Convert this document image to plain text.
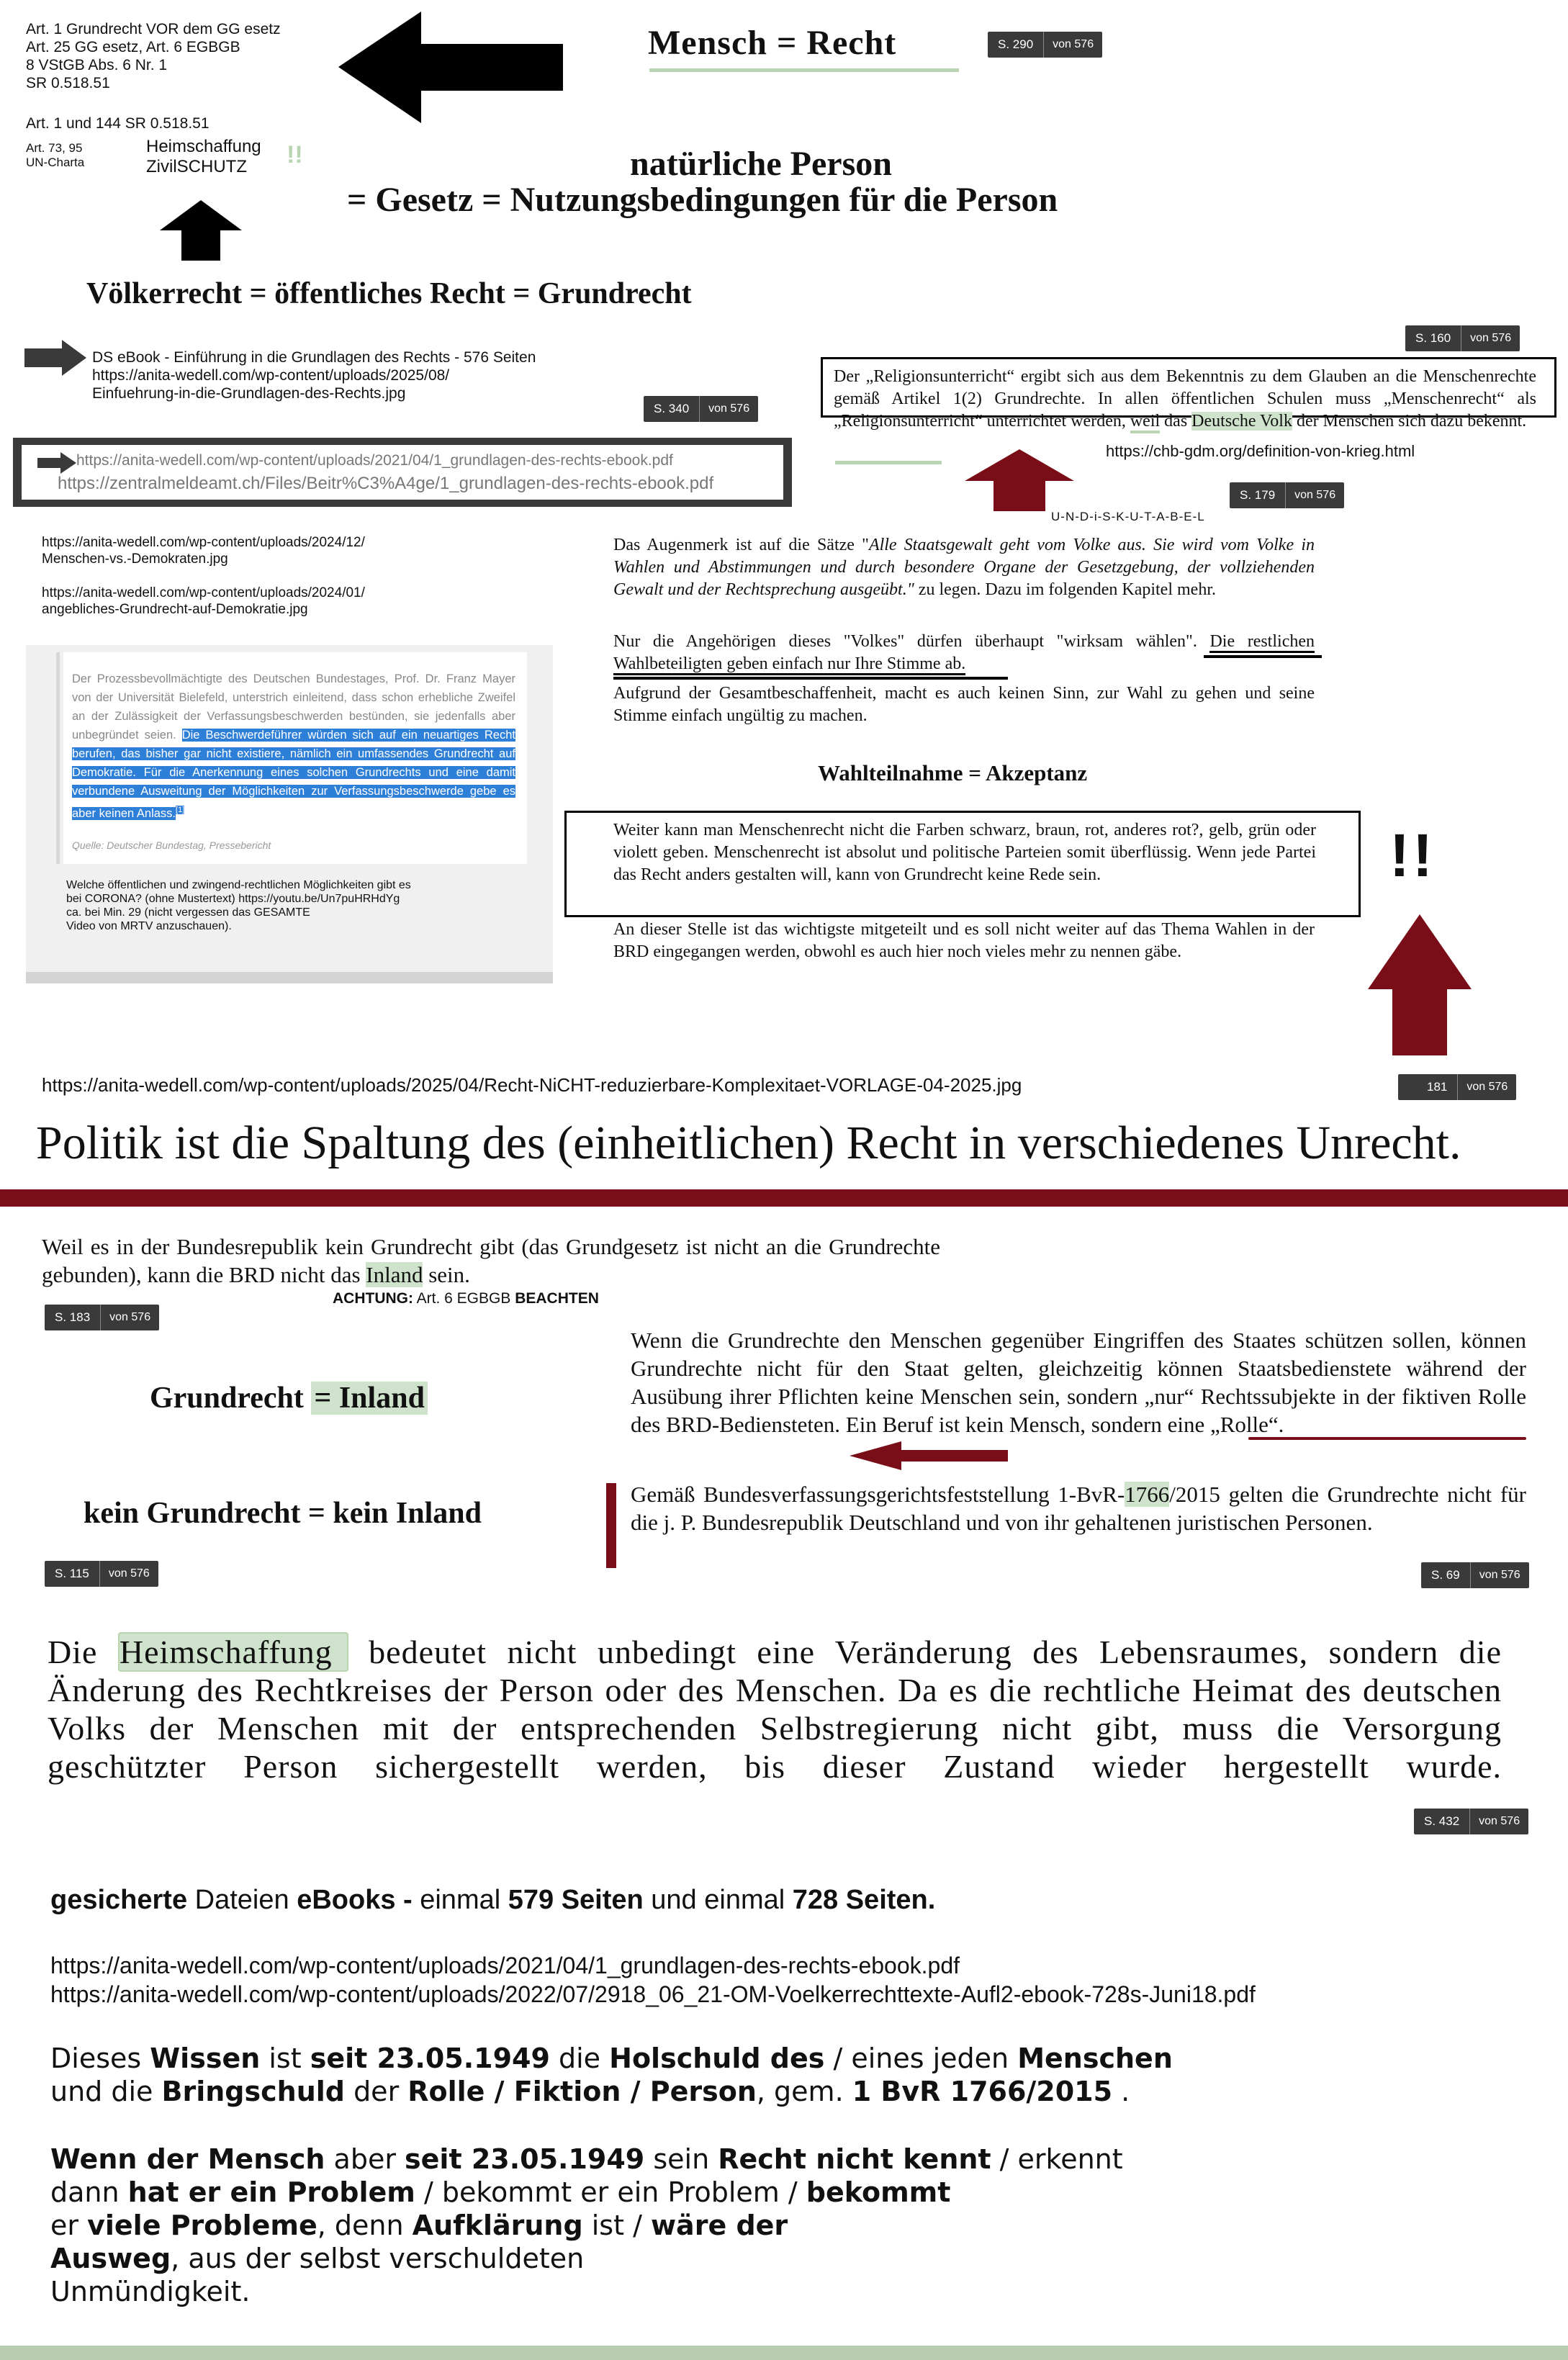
Art. 1 Grundrecht VOR dem GG esetz
Art. 25 GG esetz, Art. 6 EGBGB
8 VStGB Abs. 6 Nr. 1
SR 0.518.51
Art. 1 und 144 SR 0.518.51
Art. 73, 95
UN-Charta
Heimschaffung
ZivilSCHUTZ	!!
Mensch = Recht	S. 290	von 576
natürliche Person
= Gesetz = Nutzungsbedingungen für die Person
Völkerrecht = öffentliches Recht = Grundrecht
DS eBook - Einführung in die Grundlagen des Rechts - 576 Seiten
https://anita-wedell.com/wp-content/uploads/2025/08/
Einfuehrung-in-die-Grundlagen-des-Rechts.jpg
S. 340	von 576
https://anita-wedell.com/wp-content/uploads/2021/04/1_grundlagen-des-rechts-ebook.pdf
https://zentralmeldeamt.ch/Files/Beitr%C3%A4ge/1_grundlagen-des-rechts-ebook.pdf
S. 160	von 576
Der „Religionsunterricht“ ergibt sich aus dem Bekenntnis zu dem Glauben an die Menschenrechte gemäß Artikel 1(2) Grundrechte. In allen öffentlichen Schulen muss „Menschenrecht“ als „Religionsunterricht“ unterrichtet werden, weil das Deutsche Volk der Menschen sich dazu bekennt.
https://chb-gdm.org/definition-von-krieg.html
S. 179	von 576
U-N-D-i-S-K-U-T-A-B-E-L
https://anita-wedell.com/wp-content/uploads/2024/12/
Menschen-vs.-Demokraten.jpg
https://anita-wedell.com/wp-content/uploads/2024/01/
angebliches-Grundrecht-auf-Demokratie.jpg
Der Prozessbevollmächtigte des Deutschen Bundestages, Prof. Dr. Franz Mayer von der Universität Bielefeld, unterstrich einleitend, dass schon erhebliche Zweifel an der Zulässigkeit der Verfassungsbeschwerden bestünden, sie jedenfalls aber unbegründet seien. Die Beschwerdeführer würden sich auf ein neuartiges Recht berufen, das bisher gar nicht existiere, nämlich ein umfassendes Grundrecht auf Demokratie. Für die Anerkennung eines solchen Grundrechts und eine damit verbundene Ausweitung der Möglichkeiten zur Verfassungsbeschwerde gebe es aber keinen Anlass.[1]
Quelle: Deutscher Bundestag, Pressebericht
Welche öffentlichen und zwingend-rechtlichen Möglichkeiten gibt es
bei CORONA? (ohne Mustertext) https://youtu.be/Un7puHRHdYg
ca. bei Min. 29 (nicht vergessen das GESAMTE
Video von MRTV anzuschauen).
Das Augenmerk ist auf die Sätze "Alle Staatsgewalt geht vom Volke aus. Sie wird vom Volke in Wahlen und Abstimmungen und durch besondere Organe der Gesetzgebung, der vollziehenden Gewalt und der Rechtsprechung ausgeübt." zu legen. Dazu im folgenden Kapitel mehr.
Nur die Angehörigen dieses "Volkes" dürfen überhaupt "wirksam wählen". Die restlichen Wahlbeteiligten geben einfach nur Ihre Stimme ab.
Aufgrund der Gesamtbeschaffenheit, macht es auch keinen Sinn, zur Wahl zu gehen und seine Stimme einfach ungültig zu machen.
Wahlteilnahme = Akzeptanz
Weiter kann man Menschenrecht nicht die Farben schwarz, braun, rot, anderes rot?, gelb, grün oder violett geben. Menschenrecht ist absolut und politische Parteien somit überflüssig. Wenn jede Partei das Recht anders gestalten will, kann von Grundrecht keine Rede sein.
An dieser Stelle ist das wichtigste mitgeteilt und es soll nicht weiter auf das Thema Wahlen in der BRD eingegangen werden, obwohl es auch hier noch vieles mehr zu nennen gäbe.
!!
https://anita-wedell.com/wp-content/uploads/2025/04/Recht-NiCHT-reduzierbare-Komplexitaet-VORLAGE-04-2025.jpg	181	von 576
Politik ist die Spaltung des (einheitlichen) Recht in verschiedenes Unrecht.
Weil es in der Bundesrepublik kein Grundrecht gibt (das Grundgesetz ist nicht an die Grundrechte gebunden), kann die BRD nicht das Inland sein.
ACHTUNG: Art. 6 EGBGB BEACHTEN
S. 183	von 576
Grundrecht = Inland
kein Grundrecht = kein Inland
S. 115	von 576
Wenn die Grundrechte den Menschen gegenüber Eingriffen des Staates schützen sollen, können Grundrechte nicht für den Staat gelten, gleichzeitig können Staatsbedienstete während der Ausübung ihrer Pflichten keine Menschen sein, sondern „nur“ Rechtssubjekte in der fiktiven Rolle des BRD-Bediensteten. Ein Beruf ist kein Mensch, sondern eine „Rolle“.
Gemäß Bundesverfassungsgerichtsfeststellung 1-BvR-1766/2015 gelten die Grundrechte nicht für die j. P. Bundesrepublik Deutschland und von ihr gehaltenen juristischen Personen.
S. 69	von 576
Die Heimschaffung bedeutet nicht unbedingt eine Veränderung des Lebensraumes, sondern die Änderung des Rechtkreises der Person oder des Menschen. Da es die rechtliche Heimat des deutschen Volks der Menschen mit der entsprechenden Selbstregierung nicht gibt, muss die Versorgung geschützter Person sichergestellt werden, bis dieser Zustand wieder hergestellt wurde.
S. 432	von 576
gesicherte Dateien eBooks - einmal 579 Seiten und einmal 728 Seiten.
https://anita-wedell.com/wp-content/uploads/2021/04/1_grundlagen-des-rechts-ebook.pdf
https://anita-wedell.com/wp-content/uploads/2022/07/2918_06_21-OM-Voelkerrechttexte-Aufl2-ebook-728s-Juni18.pdf
Dieses Wissen ist seit 23.05.1949 die Holschuld des / eines jeden Menschen
und die Bringschuld der Rolle / Fiktion / Person, gem. 1 BvR 1766/2015 .
Wenn der Mensch aber seit 23.05.1949 sein Recht nicht kennt / erkennt
dann hat er ein Problem / bekommt er ein Problem / bekommt
er viele Probleme, denn Aufklärung ist / wäre der
Ausweg, aus der selbst verschuldeten
Unmündigkeit.
